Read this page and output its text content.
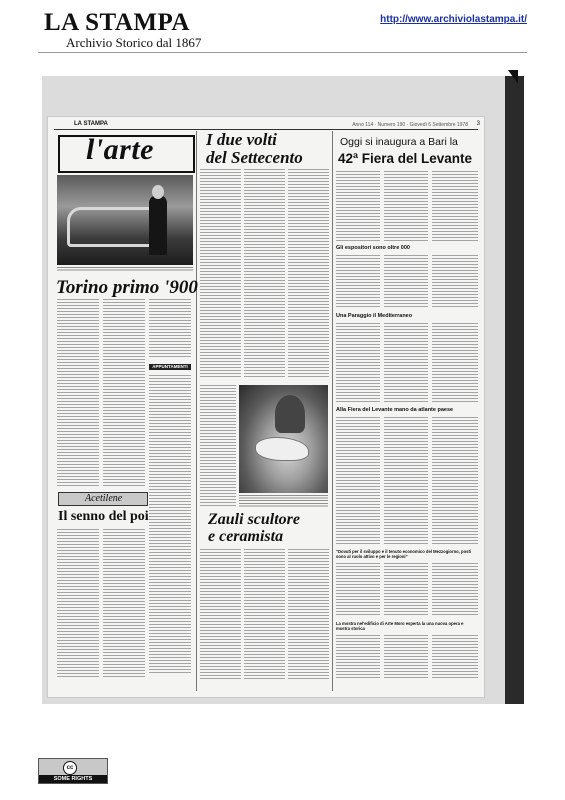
LA STAMPA
Archivio Storico dal 1867
http://www.archiviolastampa.it/
LA STAMPA	Anno 114 · Numero 190 · Giovedì 6 Settembre 1978 3
l'arte
Torino primo '900
APPUNTAMENTI
Acetilene
Il senno del poi
I due volti
del Settecento
Zauli scultore
e ceramista
Oggi si inaugura a Bari la
42ª Fiera del Levante
Gli espositori sono oltre 000
Una Paraggio il Mediterraneo
Alla Fiera del Levante mano da atlante paese
"Dovuti per il sviluppo e il tenuto economico del Mezzogiorno, posti sono al ruolo attivo e per le regioni"
La mostra nel'edificio di Arte Moro esperta la una nuova opera e mostra storica
cc
SOME RIGHTS RESERVED
